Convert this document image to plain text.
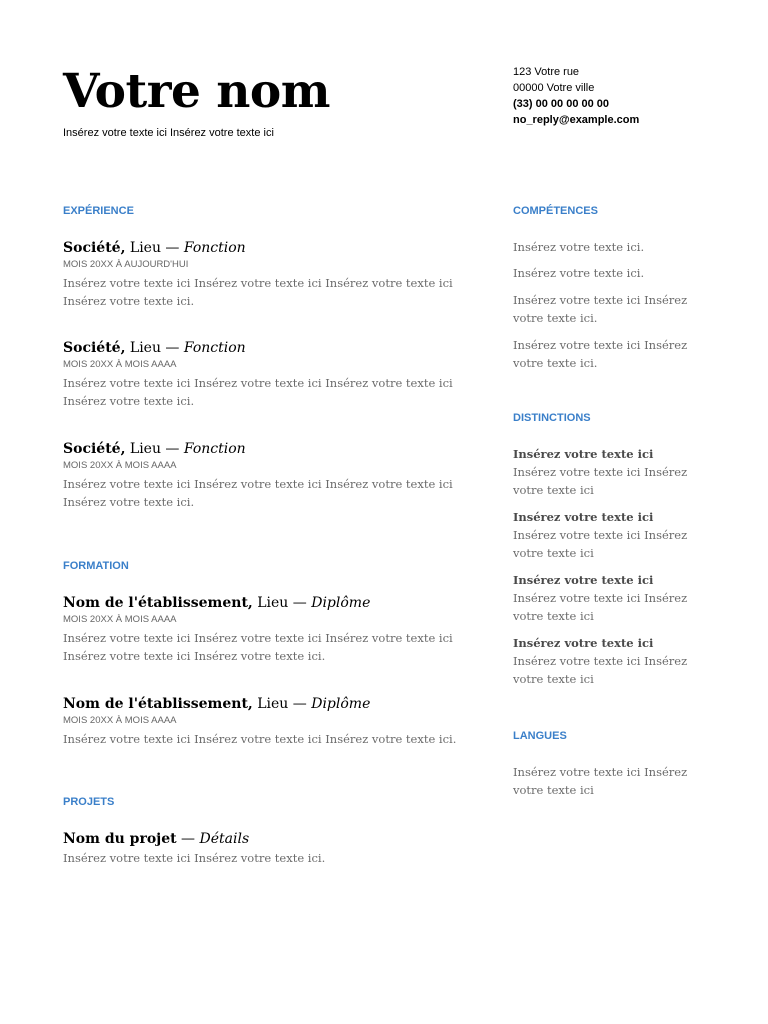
Votre nom
Insérez votre texte ici Insérez votre texte ici
123 Votre rue
00000 Votre ville
(33) 00 00 00 00 00
no_reply@example.com
EXPÉRIENCE
Société, Lieu — Fonction
MOIS 20XX À AUJOURD'HUI
Insérez votre texte ici Insérez votre texte ici Insérez votre texte ici Insérez votre texte ici.
Société, Lieu — Fonction
MOIS 20XX À MOIS AAAA
Insérez votre texte ici Insérez votre texte ici Insérez votre texte ici Insérez votre texte ici.
Société, Lieu — Fonction
MOIS 20XX À MOIS AAAA
Insérez votre texte ici Insérez votre texte ici Insérez votre texte ici Insérez votre texte ici.
FORMATION
Nom de l'établissement, Lieu — Diplôme
MOIS 20XX À MOIS AAAA
Insérez votre texte ici Insérez votre texte ici Insérez votre texte ici Insérez votre texte ici Insérez votre texte ici.
Nom de l'établissement, Lieu — Diplôme
MOIS 20XX À MOIS AAAA
Insérez votre texte ici Insérez votre texte ici Insérez votre texte ici.
PROJETS
Nom du projet — Détails
Insérez votre texte ici Insérez votre texte ici.
COMPÉTENCES

Insérez votre texte ici.

Insérez votre texte ici.

Insérez votre texte ici Insérez votre texte ici.

Insérez votre texte ici Insérez votre texte ici.

DISTINCTIONS

Insérez votre texte ici Insérez votre texte ici Insérez votre texte ici

Insérez votre texte ici Insérez votre texte ici Insérez votre texte ici

Insérez votre texte ici Insérez votre texte ici Insérez votre texte ici

Insérez votre texte ici Insérez votre texte ici Insérez votre texte ici

LANGUES

Insérez votre texte ici Insérez votre texte ici
